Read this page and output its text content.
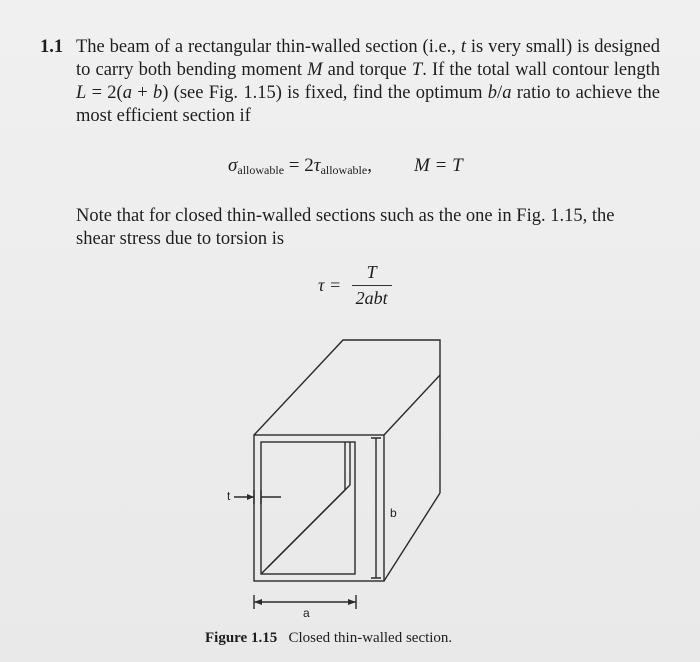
1.1 The beam of a rectangular thin-walled section (i.e., t is very small) is designed to carry both bending moment M and torque T. If the total wall contour length L = 2(a + b) (see Fig. 1.15) is fixed, find the optimum b/a ratio to achieve the most efficient section if
$\sigma_{allowable} = 2\tau_{allowable}$, M = T
Note that for closed thin-walled sections such as the one in Fig. 1.15, the shear stress due to torsion is
$\tau = \frac{T}{\text{2abt}}$
t
b
a
Figure 1.15 Closed thin-walled section.
